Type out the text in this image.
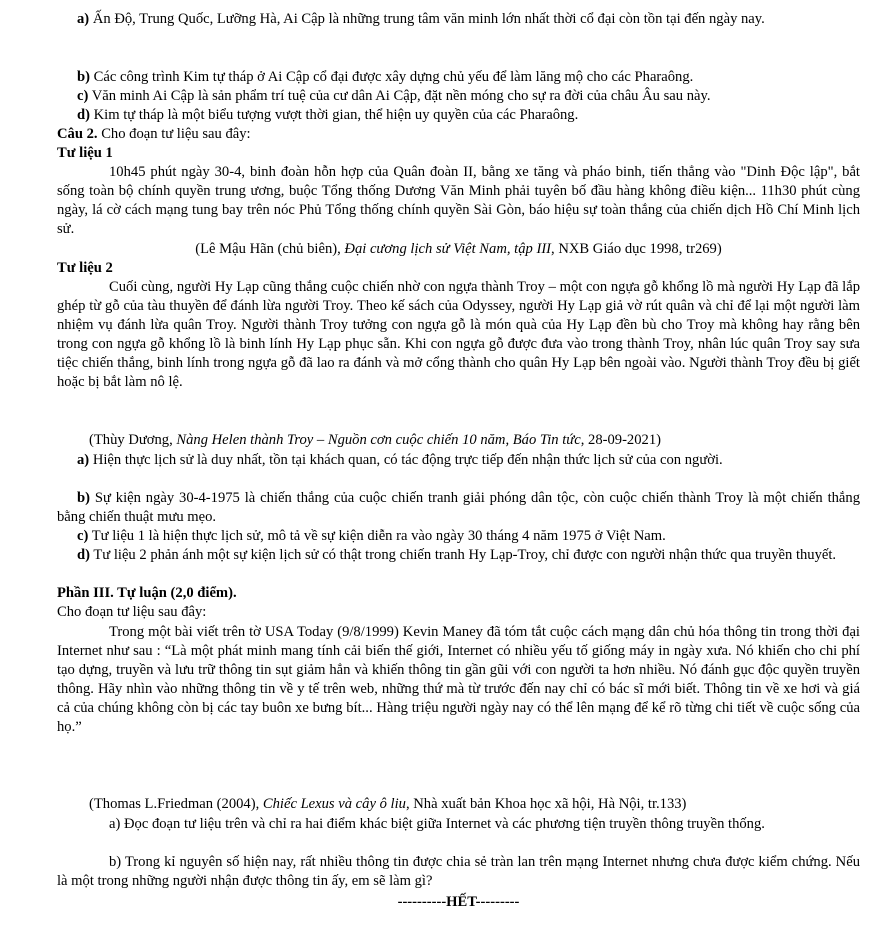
a) Ấn Độ, Trung Quốc, Lưỡng Hà, Ai Cập là những trung tâm văn minh lớn nhất thời cổ đại còn tồn tại đến ngày nay.

b) Các công trình Kim tự tháp ở Ai Cập cổ đại được xây dựng chủ yếu để làm lăng mộ cho các Pharaông.

c) Văn minh Ai Cập là sản phẩm trí tuệ của cư dân Ai Cập, đặt nền móng cho sự ra đời của châu Âu sau này.

d) Kim tự tháp là một biểu tượng vượt thời gian, thể hiện uy quyền của các Pharaông.

Câu 2. Cho đoạn tư liệu sau đây:

Tư liệu 1

10h45 phút ngày 30-4, binh đoàn hỗn hợp của Quân đoàn II, bằng xe tăng và pháo binh, tiến thẳng vào "Dinh Độc lập", bắt sống toàn bộ chính quyền trung ương, buộc Tổng thống Dương Văn Minh phải tuyên bố đầu hàng không điều kiện... 11h30 phút cùng ngày, lá cờ cách mạng tung bay trên nóc Phủ Tổng thống chính quyền Sài Gòn, báo hiệu sự toàn thắng của chiến dịch Hồ Chí Minh lịch sử.

(Lê Mậu Hãn (chủ biên), Đại cương lịch sử Việt Nam, tập III, NXB Giáo dục 1998, tr269)

Tư liệu 2

Cuối cùng, người Hy Lạp cũng thắng cuộc chiến nhờ con ngựa thành Troy – một con ngựa gỗ khổng lồ mà người Hy Lạp đã lắp ghép từ gỗ của tàu thuyền để đánh lừa người Troy. Theo kế sách của Odyssey, người Hy Lạp giả vờ rút quân và chỉ để lại một người làm nhiệm vụ đánh lừa quân Troy. Người thành Troy tưởng con ngựa gỗ là món quà của Hy Lạp đền bù cho Troy mà không hay rằng bên trong con ngựa gỗ khổng lồ là binh lính Hy Lạp phục sẵn. Khi con ngựa gỗ được đưa vào trong thành Troy, nhân lúc quân Troy say sưa tiệc chiến thắng, binh lính trong ngựa gỗ đã lao ra đánh và mở cổng thành cho quân Hy Lạp bên ngoài vào. Người thành Troy đều bị giết hoặc bị bắt làm nô lệ.

(Thùy Dương, Nàng Helen thành Troy – Nguồn cơn cuộc chiến 10 năm, Báo Tin tức, 28-09-2021)

a) Hiện thực lịch sử là duy nhất, tồn tại khách quan, có tác động trực tiếp đến nhận thức lịch sử của con người.

b) Sự kiện ngày 30-4-1975 là chiến thắng của cuộc chiến tranh giải phóng dân tộc, còn cuộc chiến thành Troy là một chiến thắng bằng chiến thuật mưu mẹo.

c) Tư liệu 1 là hiện thực lịch sử, mô tả về sự kiện diễn ra vào ngày 30 tháng 4 năm 1975 ở Việt Nam.

d) Tư liệu 2 phản ánh một sự kiện lịch sử có thật trong chiến tranh Hy Lạp-Troy, chỉ được con người nhận thức qua truyền thuyết.

Phần III. Tự luận (2,0 điểm).

Cho đoạn tư liệu sau đây:

Trong một bài viết trên tờ USA Today (9/8/1999) Kevin Maney đã tóm tắt cuộc cách mạng dân chủ hóa thông tin trong thời đại Internet như sau : “Là một phát minh mang tính cải biến thế giới, Internet có nhiều yếu tố giống máy in ngày xưa. Nó khiến cho chi phí tạo dựng, truyền và lưu trữ thông tin sụt giảm hẳn và khiến thông tin gần gũi với con người ta hơn nhiều. Nó đánh gục độc quyền truyền thông. Hãy nhìn vào những thông tin về y tế trên web, những thứ mà từ trước đến nay chỉ có bác sĩ mới biết. Thông tin về xe hơi và giá cả của chúng không còn bị các tay buôn xe bưng bít... Hàng triệu người ngày nay có thể lên mạng để kể rõ từng chi tiết về cuộc sống của họ.”

(Thomas L.Friedman (2004), Chiếc Lexus và cây ô liu, Nhà xuất bản Khoa học xã hội, Hà Nội, tr.133)

a) Đọc đoạn tư liệu trên và chỉ ra hai điểm khác biệt giữa Internet và các phương tiện truyền thông truyền thống.

b) Trong kỉ nguyên số hiện nay, rất nhiều thông tin được chia sẻ tràn lan trên mạng Internet nhưng chưa được kiểm chứng. Nếu là một trong những người nhận được thông tin ấy, em sẽ làm gì?

----------HẾT---------
